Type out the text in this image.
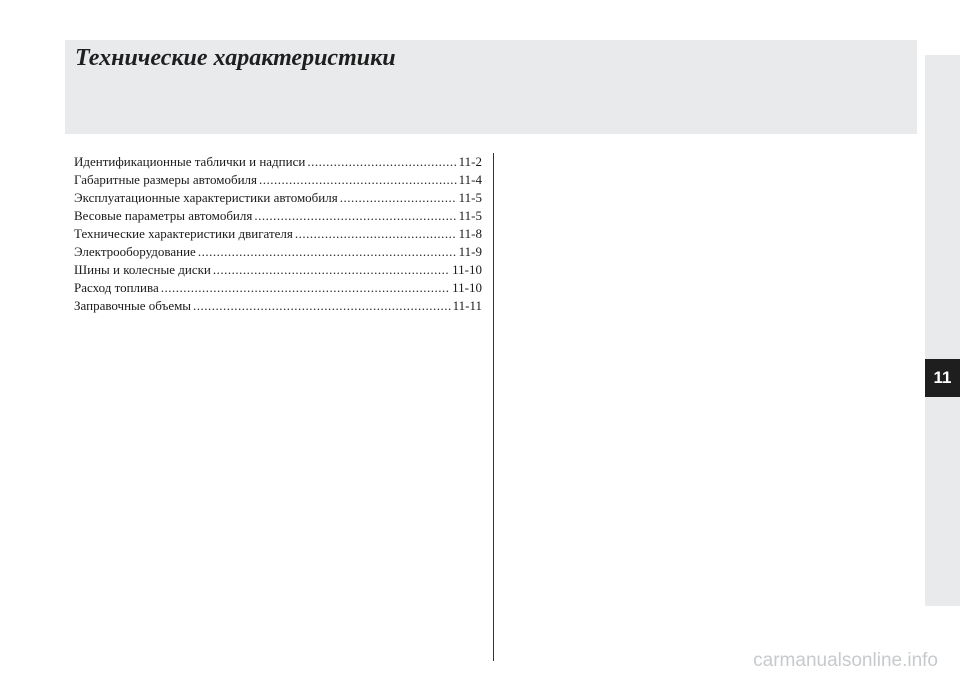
Технические характеристики
11
Идентификационные таблички и надписи .....	11-2
Габаритные размеры автомобиля .....	11-4
Эксплуатационные характеристики автомобиля .....	11-5
Весовые параметры автомобиля .....	11-5
Технические характеристики двигателя .....	11-8
Электрооборудование .....	11-9
Шины и колесные диски .....	11-10
Расход топлива .....	11-10
Заправочные объемы .....	11-11
carmanualsonline.info
